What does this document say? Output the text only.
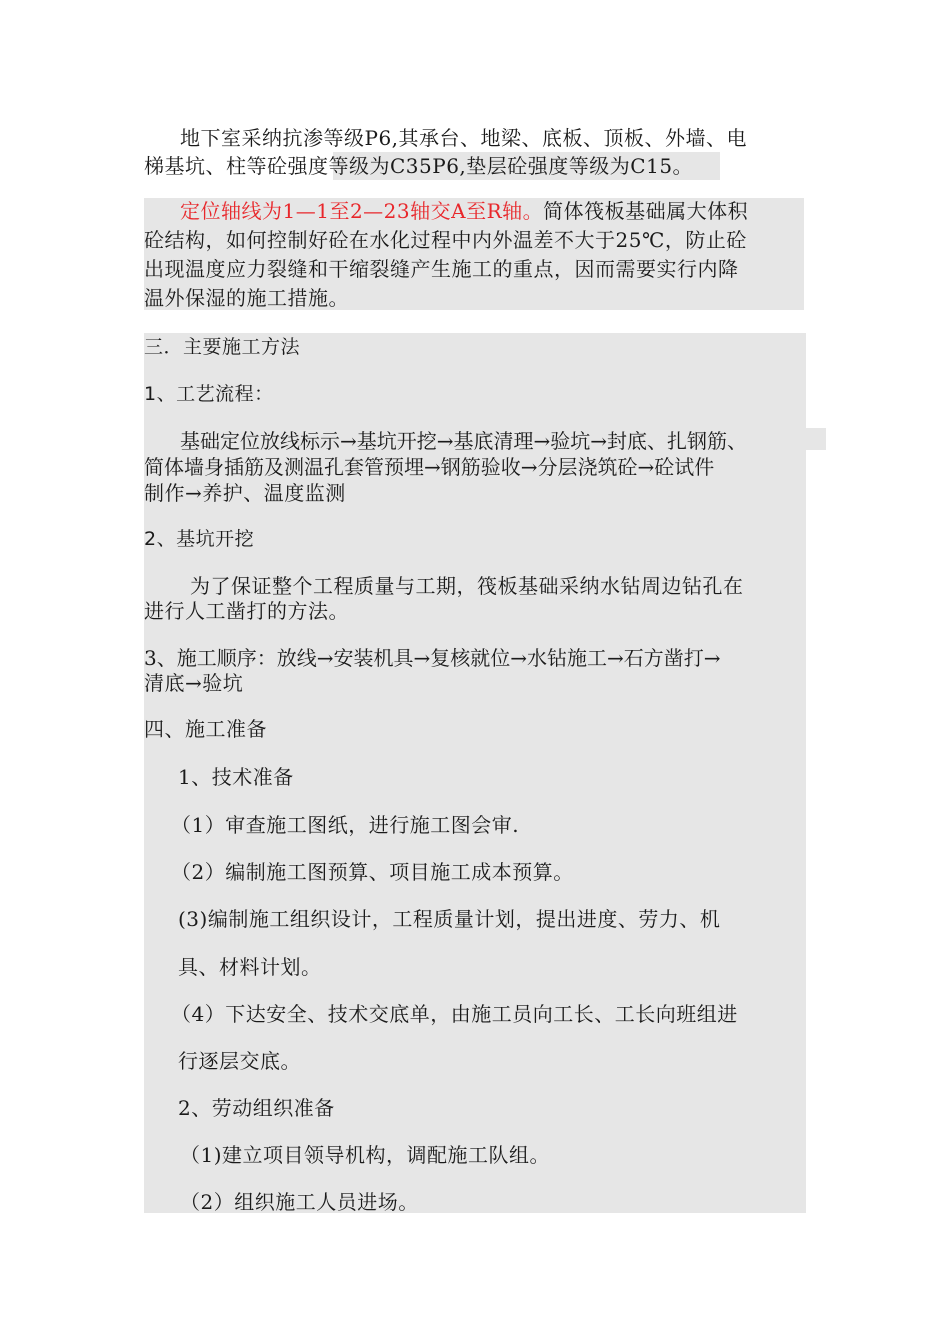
地下室采纳抗渗等级P6,其承台、地梁、底板、顶板、外墙、电
梯基坑、柱等砼强度等级为C35P6,垫层砼强度等级为C15。
定位轴线为1—1至2—23轴交A至R轴。简体筏板基础属大体积
砼结构，如何控制好砼在水化过程中内外温差不大于25℃，防止砼
出现温度应力裂缝和干缩裂缝产生施工的重点，因而需要实行内降
温外保湿的施工措施。
三．主要施工方法
1、工艺流程：
基础定位放线标示→基坑开挖→基底清理→验坑→封底、扎钢筋、
简体墙身插筋及测温孔套管预埋→钢筋验收→分层浇筑砼→砼试件
制作→养护、温度监测
2、基坑开挖
为了保证整个工程质量与工期，筏板基础采纳水钻周边钻孔在
进行人工凿打的方法。
3、施工顺序：放线→安装机具→复核就位→水钻施工→石方凿打→
清底→验坑
四、施工准备
1、技术准备
（1）审查施工图纸，进行施工图会审.
（2）编制施工图预算、项目施工成本预算。
(3)编制施工组织设计，工程质量计划，提出进度、劳力、机
具、材料计划。
（4）下达安全、技术交底单，由施工员向工长、工长向班组进
行逐层交底。
2、劳动组织准备
（1)建立项目领导机构，调配施工队组。
（2）组织施工人员进场。
